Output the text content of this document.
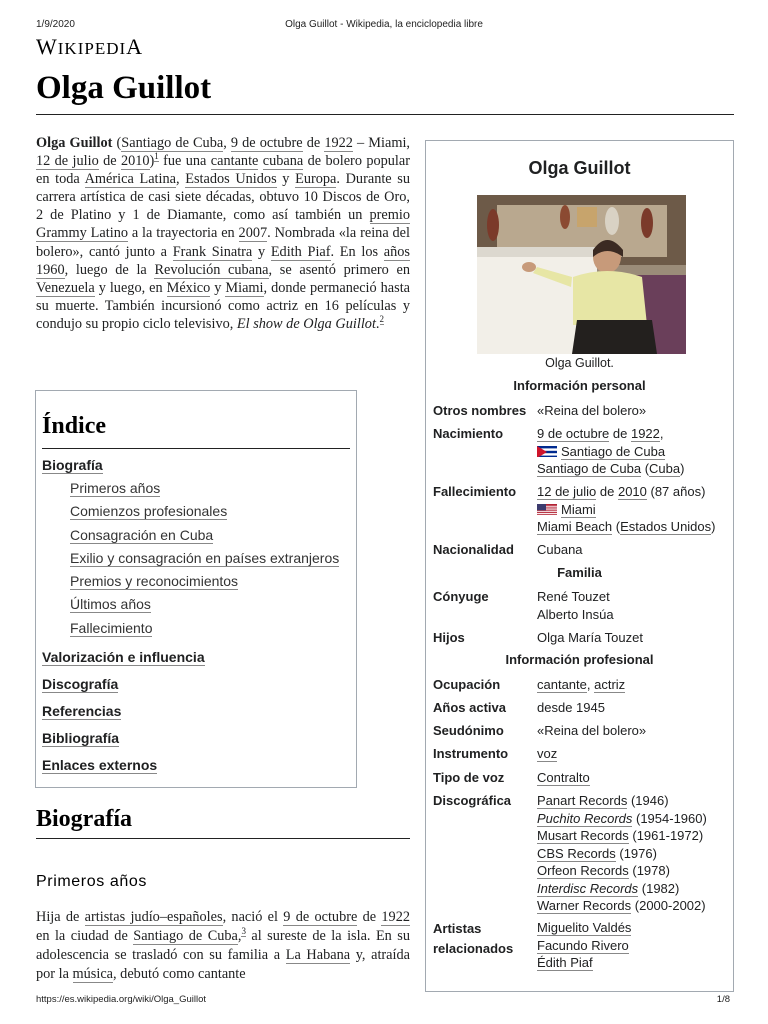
1/9/2020	Olga Guillot - Wikipedia, la enciclopedia libre
WIKIPEDIA
Olga Guillot

Olga Guillot (Santiago de Cuba, 9 de octubre de 1922 – Miami, 12 de julio de 2010)$^1$ fue una cantante cubana de bolero popular en toda América Latina, Estados Unidos y Europa. Durante su carrera artística de casi siete décadas, obtuvo 10 Discos de Oro, 2 de Platino y 1 de Diamante, como así también un premio Grammy Latino a la trayectoria en 2007. Nombrada «la reina del bolero», cantó junto a Frank Sinatra y Edith Piaf. En los años 1960, luego de la Revolución cubana, se asentó primero en Venezuela y luego, en México y Miami, donde permaneció hasta su muerte. También incursionó como actriz en 16 películas y condujo su propio ciclo televisivo, El show de Olga Guillot.$^2$

Índice
Biografía
Primeros años
Comienzos profesionales
Consagración en Cuba
Exilio y consagración en países extranjeros
Premios y reconocimientos
Últimos años
Fallecimiento
Valorización e influencia
Discografía
Referencias
Bibliografía
Enlaces externos
Biografía
Primeros años

Hija de artistas judío–españoles, nació el 9 de octubre de 1922 en la ciudad de Santiago de Cuba,$^3$ al sureste de la isla. En su adolescencia se trasladó con su familia a La Habana y, atraída por la música, debutó como cantante

Olga Guillot
Olga Guillot.
Información personal
Otros nombres «Reina del bolero»
Nacimiento	9 de octubre de 1922,
Santiago de Cuba
Santiago de Cuba (Cuba)
Fallecimiento	12 de julio de 2010 (87 años)
Miami
Miami Beach (Estados Unidos)
Nacionalidad	Cubana
Familia
Cónyuge	René Touzet
Alberto Insúa
Hijos	Olga María Touzet
Información profesional
Ocupación	cantante, actriz
Años activa	desde 1945
Seudónimo	«Reina del bolero»
Instrumento	voz
Tipo de voz	Contralto
Discográfica	Panart Records (1946)
Puchito Records (1954-1960)
Musart Records (1961-1972)
CBS Records (1976)
Orfeon Records (1978)
Interdisc Records (1982)
Warner Records (2000-2002)
Artistas
relacionados
Miguelito Valdés
Facundo Rivero
Édith Piaf
https://es.wikipedia.org/wiki/Olga_Guillot	1/8
